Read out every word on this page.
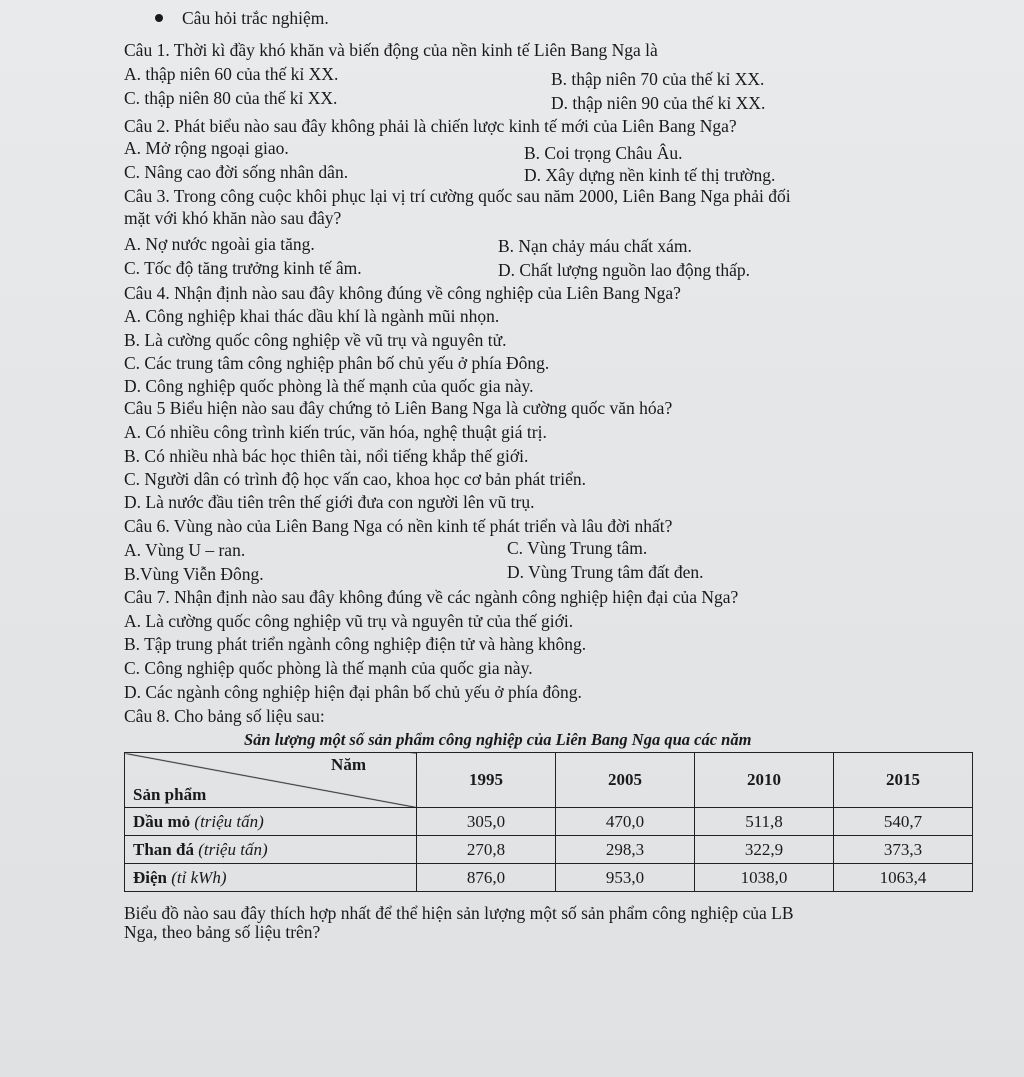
Câu hỏi trắc nghiệm.
Câu 1. Thời kì đầy khó khăn và biến động của nền kinh tế Liên Bang Nga là
A. thập niên 60 của thế kỉ XX.	B. thập niên 70 của thế kỉ XX.
C. thập niên 80 của thế kỉ XX.	D. thập niên 90 của thế kỉ XX.
Câu 2. Phát biểu nào sau đây không phải là chiến lược kinh tế mới của Liên Bang Nga?
A. Mở rộng ngoại giao.	B. Coi trọng Châu Âu.
C. Nâng cao đời sống nhân dân.	D. Xây dựng nền kinh tế thị trường.
Câu 3. Trong công cuộc khôi phục lại vị trí cường quốc sau năm 2000, Liên Bang Nga phải đối
mặt với khó khăn nào sau đây?
A. Nợ nước ngoài gia tăng.	B. Nạn chảy máu chất xám.
C. Tốc độ tăng trưởng kinh tế âm.	D. Chất lượng nguồn lao động thấp.
Câu 4. Nhận định nào sau đây không đúng về công nghiệp của Liên Bang Nga?
A. Công nghiệp khai thác dầu khí là ngành mũi nhọn.
B. Là cường quốc công nghiệp về vũ trụ và nguyên tử.
C. Các trung tâm công nghiệp phân bố chủ yếu ở phía Đông.
D. Công nghiệp quốc phòng là thế mạnh của quốc gia này.
Câu 5 Biểu hiện nào sau đây chứng tỏ Liên Bang Nga là cường quốc văn hóa?
A. Có nhiều công trình kiến trúc, văn hóa, nghệ thuật giá trị.
B. Có nhiều nhà bác học thiên tài, nổi tiếng khắp thế giới.
C. Người dân có trình độ học vấn cao, khoa học cơ bản phát triển.
D. Là nước đầu tiên trên thế giới đưa con người lên vũ trụ.
Câu 6. Vùng nào của Liên Bang Nga có nền kinh tế phát triển và lâu đời nhất?
A. Vùng U – ran.	C. Vùng Trung tâm.
B.Vùng Viễn Đông.	D. Vùng Trung tâm đất đen.
Câu 7. Nhận định nào sau đây không đúng về các ngành công nghiệp hiện đại của Nga?
A. Là cường quốc công nghiệp vũ trụ và nguyên tử của thế giới.
B. Tập trung phát triển ngành công nghiệp điện tử và hàng không.
C. Công nghiệp quốc phòng là thế mạnh của quốc gia này.
D. Các ngành công nghiệp hiện đại phân bố chủ yếu ở phía đông.
Câu 8. Cho bảng số liệu sau:
Sản lượng một số sản phẩm công nghiệp của Liên Bang Nga qua các năm
Năm
Sản phẩm	1995	2005	2010	2015
Dầu mỏ (triệu tấn)	305,0	470,0	511,8	540,7
Than đá (triệu tấn)	270,8	298,3	322,9	373,3
Điện (tỉ kWh)	876,0	953,0	1038,0	1063,4
Biểu đồ nào sau đây thích hợp nhất để thể hiện sản lượng một số sản phẩm công nghiệp của LB
Nga, theo bảng số liệu trên?
